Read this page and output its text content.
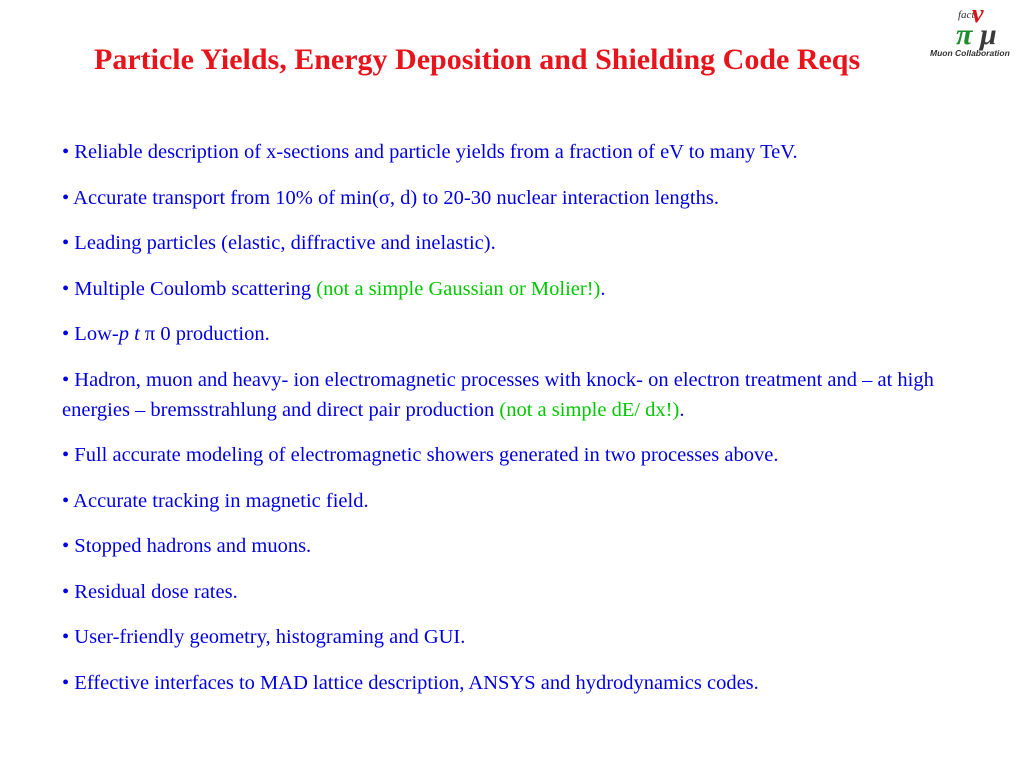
Particle Yields, Energy Deposition and Shielding Code Reqs
fact
ν
π μ
Muon Collaboration
• Reliable description of x-sections and particle yields from a fraction of eV to many TeV.
• Accurate transport from 10% of min(σ, d) to 20-30 nuclear interaction lengths.
• Leading particles (elastic, diffractive and inelastic).
• Multiple Coulomb scattering (not a simple Gaussian or Molier!).
• Low-p t π 0 production.
• Hadron, muon and heavy- ion electromagnetic processes with knock- on electron treatment and – at high energies – bremsstrahlung and direct pair production (not a simple dE/ dx!).
• Full accurate modeling of electromagnetic showers generated in two processes above.
• Accurate tracking in magnetic field.
• Stopped hadrons and muons.
• Residual dose rates.
• User-friendly geometry, histograming and GUI.
• Effective interfaces to MAD lattice description, ANSYS and hydrodynamics codes.
